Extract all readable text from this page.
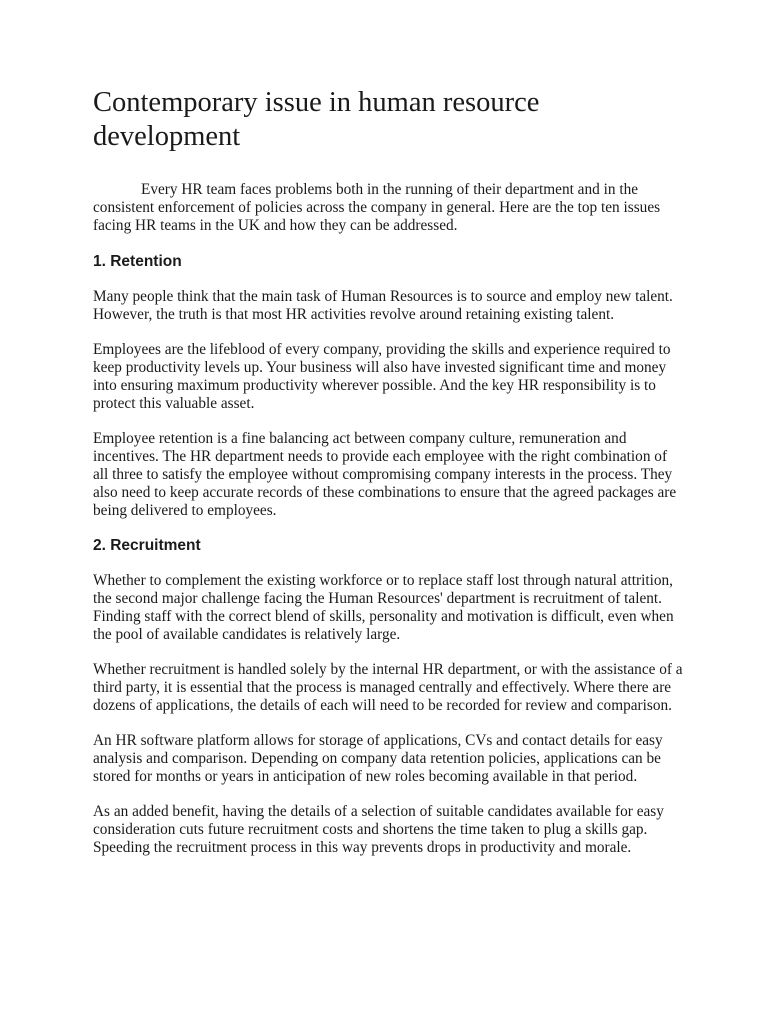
Contemporary issue in human resource development

Every HR team faces problems both in the running of their department and in the consistent enforcement of policies across the company in general. Here are the top ten issues facing HR teams in the UK and how they can be addressed.

1. Retention

Many people think that the main task of Human Resources is to source and employ new talent. However, the truth is that most HR activities revolve around retaining existing talent.

Employees are the lifeblood of every company, providing the skills and experience required to keep productivity levels up. Your business will also have invested significant time and money into ensuring maximum productivity wherever possible. And the key HR responsibility is to protect this valuable asset.

Employee retention is a fine balancing act between company culture, remuneration and incentives. The HR department needs to provide each employee with the right combination of all three to satisfy the employee without compromising company interests in the process. They also need to keep accurate records of these combinations to ensure that the agreed packages are being delivered to employees.

2. Recruitment

Whether to complement the existing workforce or to replace staff lost through natural attrition, the second major challenge facing the Human Resources' department is recruitment of talent. Finding staff with the correct blend of skills, personality and motivation is difficult, even when the pool of available candidates is relatively large.

Whether recruitment is handled solely by the internal HR department, or with the assistance of a third party, it is essential that the process is managed centrally and effectively. Where there are dozens of applications, the details of each will need to be recorded for review and comparison.

An HR software platform allows for storage of applications, CVs and contact details for easy analysis and comparison. Depending on company data retention policies, applications can be stored for months or years in anticipation of new roles becoming available in that period.

As an added benefit, having the details of a selection of suitable candidates available for easy consideration cuts future recruitment costs and shortens the time taken to plug a skills gap. Speeding the recruitment process in this way prevents drops in productivity and morale.
